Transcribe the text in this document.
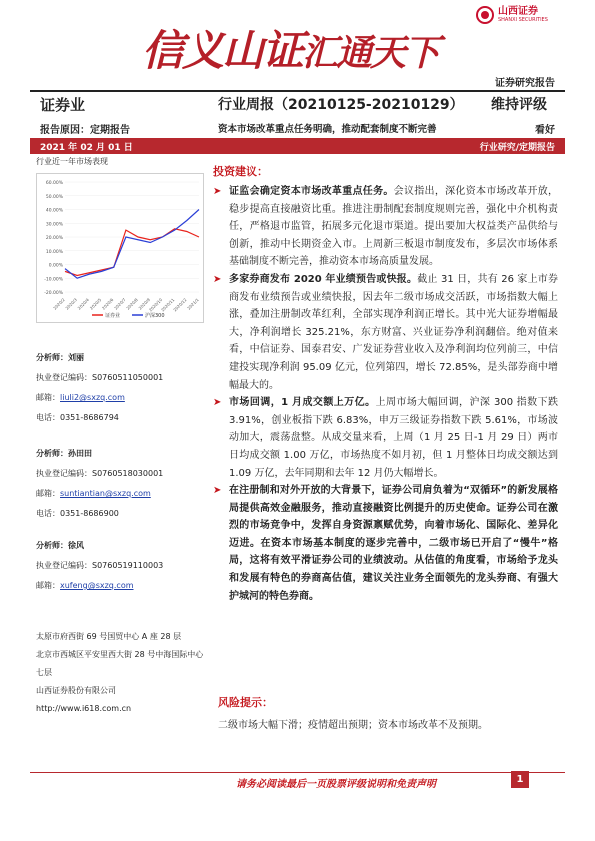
信义山证汇通天下
山西证券
SHANXI SECURITIES
证券研究报告
证券业	行业周报（20210125-20210129） 维持评级
报告原因：定期报告	资本市场改革重点任务明确，推动配套制度不断完善	看好
2021 年 02 月 01 日	行业研究/定期报告
行业近一年市场表现
60.00%
50.00%
40.00%
30.00%
20.00%
10.00%
0.00%
-10.00%
-20.00%
2020/2
2020/3
2020/4
2020/5
2020/6
2020/7
2020/8
2020/9
2020/10
2020/11
2020/12
2021/1
证券业	沪深300
分析师：刘丽
执业登记编码：S0760511050001
邮箱：liuli2@sxzq.com
电话：0351-8686794
分析师：孙田田
执业登记编码：S0760518030001
邮箱：suntiantian@sxzq.com
电话：0351-8686900
分析师：徐风
执业登记编码：S0760519110003
邮箱：xufeng@sxzq.com
太原市府西街 69 号国贸中心 A 座 28 层
北京市西城区平安里西大街 28 号中海国际中心七层
山西证券股份有限公司
http://www.i618.com.cn
投资建议：
➤ 证监会确定资本市场改革重点任务。会议指出，深化资本市场改革开放，稳步提高直接融资比重。推进注册制配套制度规则完善，强化中介机构责任，严格退市监管，拓展多元化退市渠道。提出要加大权益类产品供给与创新，推动中长期资金入市。上周新三板退市制度发布，多层次市场体系基础制度不断完善，推动资本市场高质量发展。
➤ 多家券商发布 2020 年业绩预告或快报。截止 31 日，共有 26 家上市券商发布业绩预告或业绩快报，因去年二级市场成交活跃，市场指数大幅上涨，叠加注册制改革红利，全部实现净利润正增长。其中光大证券增幅最大，净利润增长 325.21%，东方财富、兴业证券净利润翻倍。绝对值来看，中信证券、国泰君安、广发证券营业收入及净利润均位列前三，中信建投实现净利润 95.09 亿元，位列第四，增长 72.85%，是头部券商中增幅最大的。
➤ 市场回调，1 月成交额上万亿。上周市场大幅回调，沪深 300 指数下跌 3.91%，创业板指下跌 6.83%，申万三级证券指数下跌 5.61%，市场波动加大，震荡盘整。从成交量来看，上周（1 月 25 日-1 月 29 日）两市日均成交额 1.00 万亿，市场热度不如月初，但 1 月整体日均成交额达到 1.09 万亿，去年同期和去年 12 月仍大幅增长。
➤ 在注册制和对外开放的大背景下，证券公司肩负着为“双循环”的新发展格局提供高效金融服务，推动直接融资比例提升的历史使命。证券公司在激烈的市场竞争中，发挥自身资源禀赋优势，向着市场化、国际化、差异化迈进。在资本市场基本制度的逐步完善中，二级市场已开启了“慢牛”格局，这将有效平滑证券公司的业绩波动。从估值的角度看，市场给予龙头和发展有特色的券商高估值，建议关注业务全面领先的龙头券商、有强大护城河的特色券商。
风险提示：
二级市场大幅下滑；疫情超出预期；资本市场改革不及预期。
请务必阅读最后一页股票评级说明和免责声明	1
